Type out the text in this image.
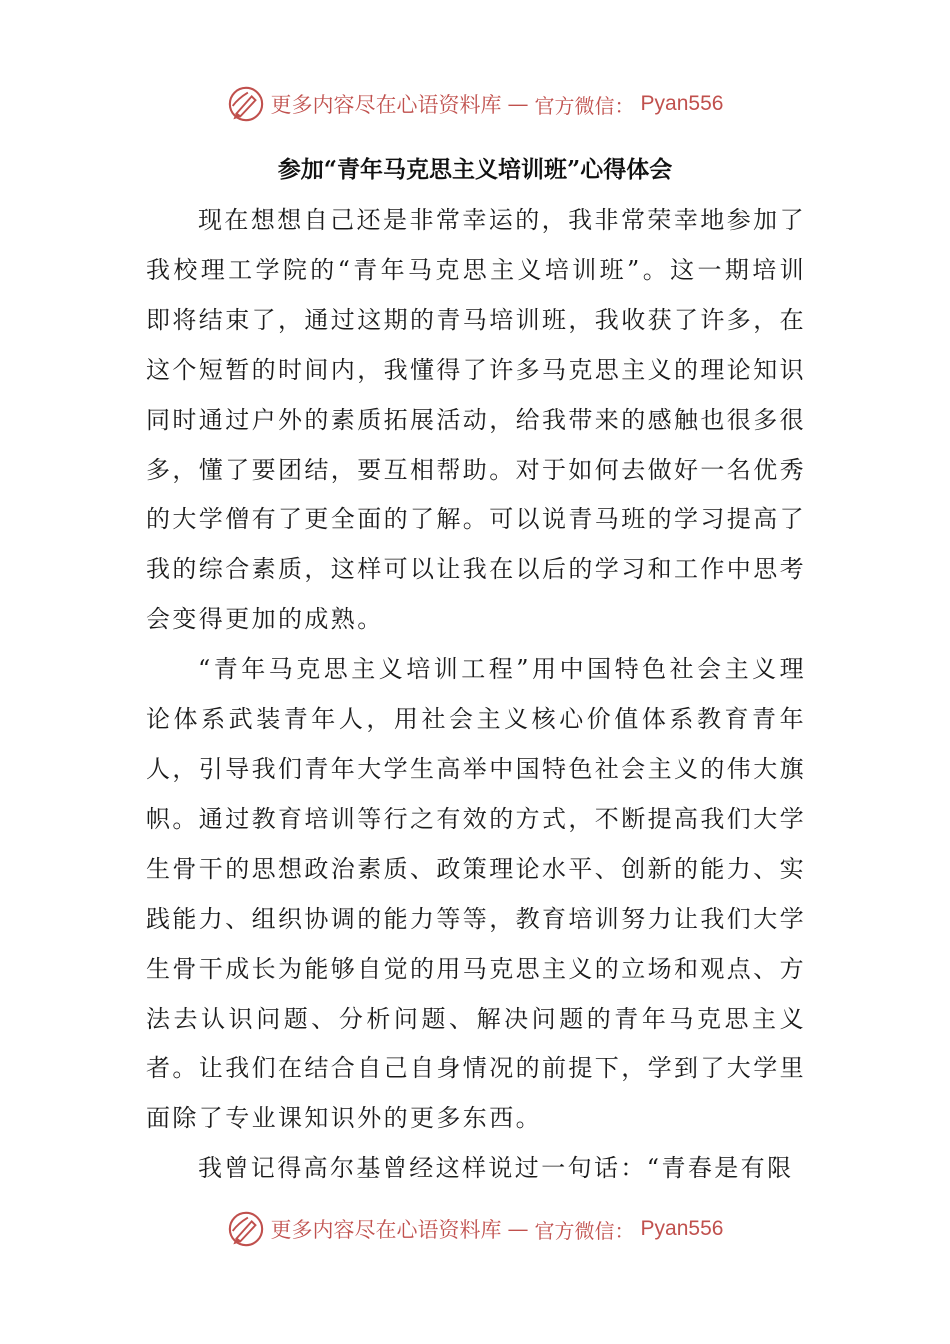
更多内容尽在心语资料库 — 官方微信： Pyan556
参加“青年马克思主义培训班”心得体会

现在想想自己还是非常幸运的，我非常荣幸地参加了我校理工学院的“青年马克思主义培训班”。这一期培训即将结束了，通过这期的青马培训班，我收获了许多，在这个短暂的时间内，我懂得了许多马克思主义的理论知识同时通过户外的素质拓展活动，给我带来的感触也很多很多，懂了要团结，要互相帮助。对于如何去做好一名优秀的大学僧有了更全面的了解。可以说青马班的学习提高了我的综合素质，这样可以让我在以后的学习和工作中思考会变得更加的成熟。

“青年马克思主义培训工程”用中国特色社会主义理论体系武装青年人，用社会主义核心价值体系教育青年人，引导我们青年大学生高举中国特色社会主义的伟大旗帜。通过教育培训等行之有效的方式，不断提高我们大学生骨干的思想政治素质、政策理论水平、创新的能力、实践能力、组织协调的能力等等，教育培训努力让我们大学生骨干成长为能够自觉的用马克思主义的立场和观点、方法去认识问题、分析问题、解决问题的青年马克思主义者。让我们在结合自己自身情况的前提下，学到了大学里面除了专业课知识外的更多东西。

我曾记得高尔基曾经这样说过一句话：“青春是有限

更多内容尽在心语资料库 — 官方微信： Pyan556
